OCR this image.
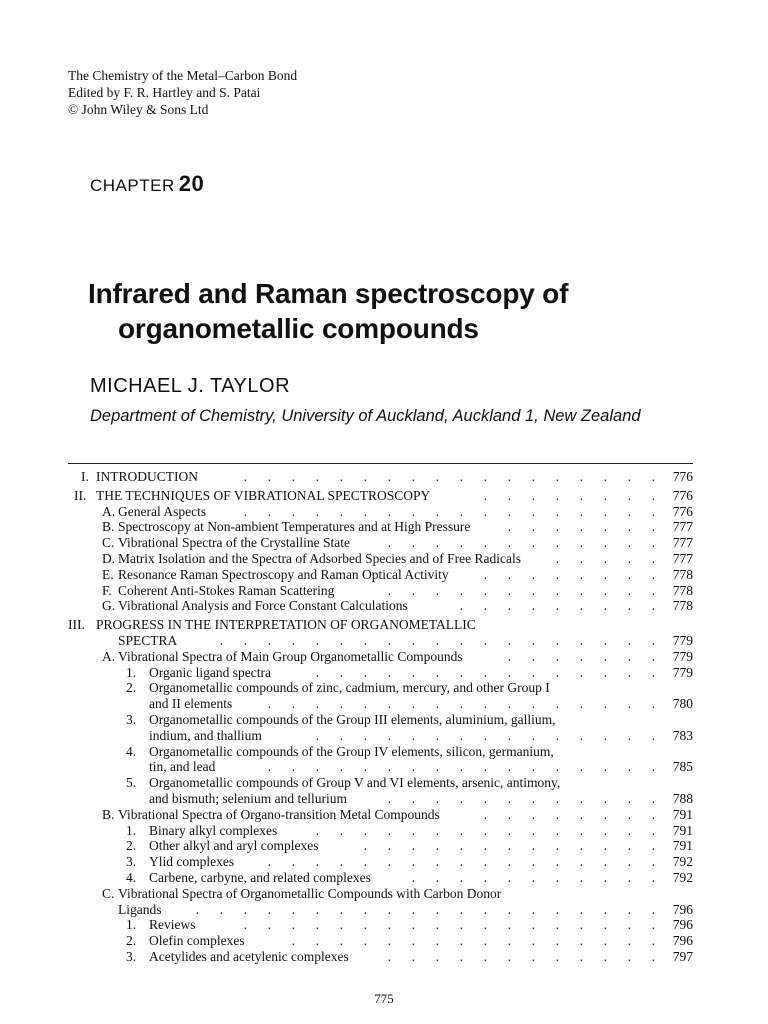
The Chemistry of the Metal–Carbon Bond
Edited by F. R. Hartley and S. Patai
© John Wiley & Sons Ltd
CHAPTER 20
Infrared and Raman spectroscopy of
organometallic compounds
MICHAEL J. TAYLOR
Department of Chemistry, University of Auckland, Auckland 1, New Zealand
I. INTRODUCTION	.	.	.	.	.	.	.	.	.	.	.	.	.	.	.	.	.	.	776
II. THE TECHNIQUES OF VIBRATIONAL SPECTROSCOPY	.	.	.	.	.	.	.	.	776
A. General Aspects	.	.	.	.	.	.	.	.	.	.	.	.	.	.	.	.	.	.	776
B. Spectroscopy at Non-ambient Temperatures and at High Pressure	.	.	.	.	.	.	.	777
C. Vibrational Spectra of the Crystalline State	.	.	.	.	.	.	.	.	.	.	.	.	777
D. Matrix Isolation and the Spectra of Adsorbed Species and of Free Radicals	.	.	.	.	.	777
E. Resonance Raman Spectroscopy and Raman Optical Activity	.	.	.	.	.	.	.	.	778
F. Coherent Anti-Stokes Raman Scattering	.	.	.	.	.	.	.	.	.	.	.	.	778
G. Vibrational Analysis and Force Constant Calculations	.	.	.	.	.	.	.	.	.	778
III. PROGRESS IN THE INTERPRETATION OF ORGANOMETALLIC
SPECTRA	.	.	.	.	.	.	.	.	.	.	.	.	.	.	.	.	.	.	.	779
A. Vibrational Spectra of Main Group Organometallic Compounds	.	.	.	.	.	.	.	779
1. Organic ligand spectra	.	.	.	.	.	.	.	.	.	.	.	.	.	.	.	779
2. Organometallic compounds of zinc, cadmium, mercury, and other Group I
and II elements	.	.	.	.	.	.	.	.	.	.	.	.	.	.	.	.	.	780
3. Organometallic compounds of the Group III elements, aluminium, gallium,
indium, and thallium	.	.	.	.	.	.	.	.	.	.	.	.	.	.	.	783
4. Organometallic compounds of the Group IV elements, silicon, germanium,
tin, and lead	.	.	.	.	.	.	.	.	.	.	.	.	.	.	.	.	.	785
5. Organometallic compounds of Group V and VI elements, arsenic, antimony,
and bismuth; selenium and tellurium	.	.	.	.	.	.	.	.	.	.	.	.	788
B. Vibrational Spectra of Organo-transition Metal Compounds	.	.	.	.	.	.	.	.	791
1. Binary alkyl complexes	.	.	.	.	.	.	.	.	.	.	.	.	.	.	.	791
2. Other alkyl and aryl complexes	.	.	.	.	.	.	.	.	.	.	.	.	.	791
3. Ylid complexes	.	.	.	.	.	.	.	.	.	.	.	.	.	.	.	.	.	792
4. Carbene, carbyne, and related complexes	.	.	.	.	.	.	.	.	.	.	.	792
C. Vibrational Spectra of Organometallic Compounds with Carbon Donor
Ligands	.	.	.	.	.	.	.	.	.	.	.	.	.	.	.	.	.	.	.	.	796
1. Reviews	.	.	.	.	.	.	.	.	.	.	.	.	.	.	.	.	.	.	796
2. Olefin complexes	.	.	.	.	.	.	.	.	.	.	.	.	.	.	.	.	796
3. Acetylides and acetylenic complexes	.	.	.	.	.	.	.	.	.	.	.	.	797
775
